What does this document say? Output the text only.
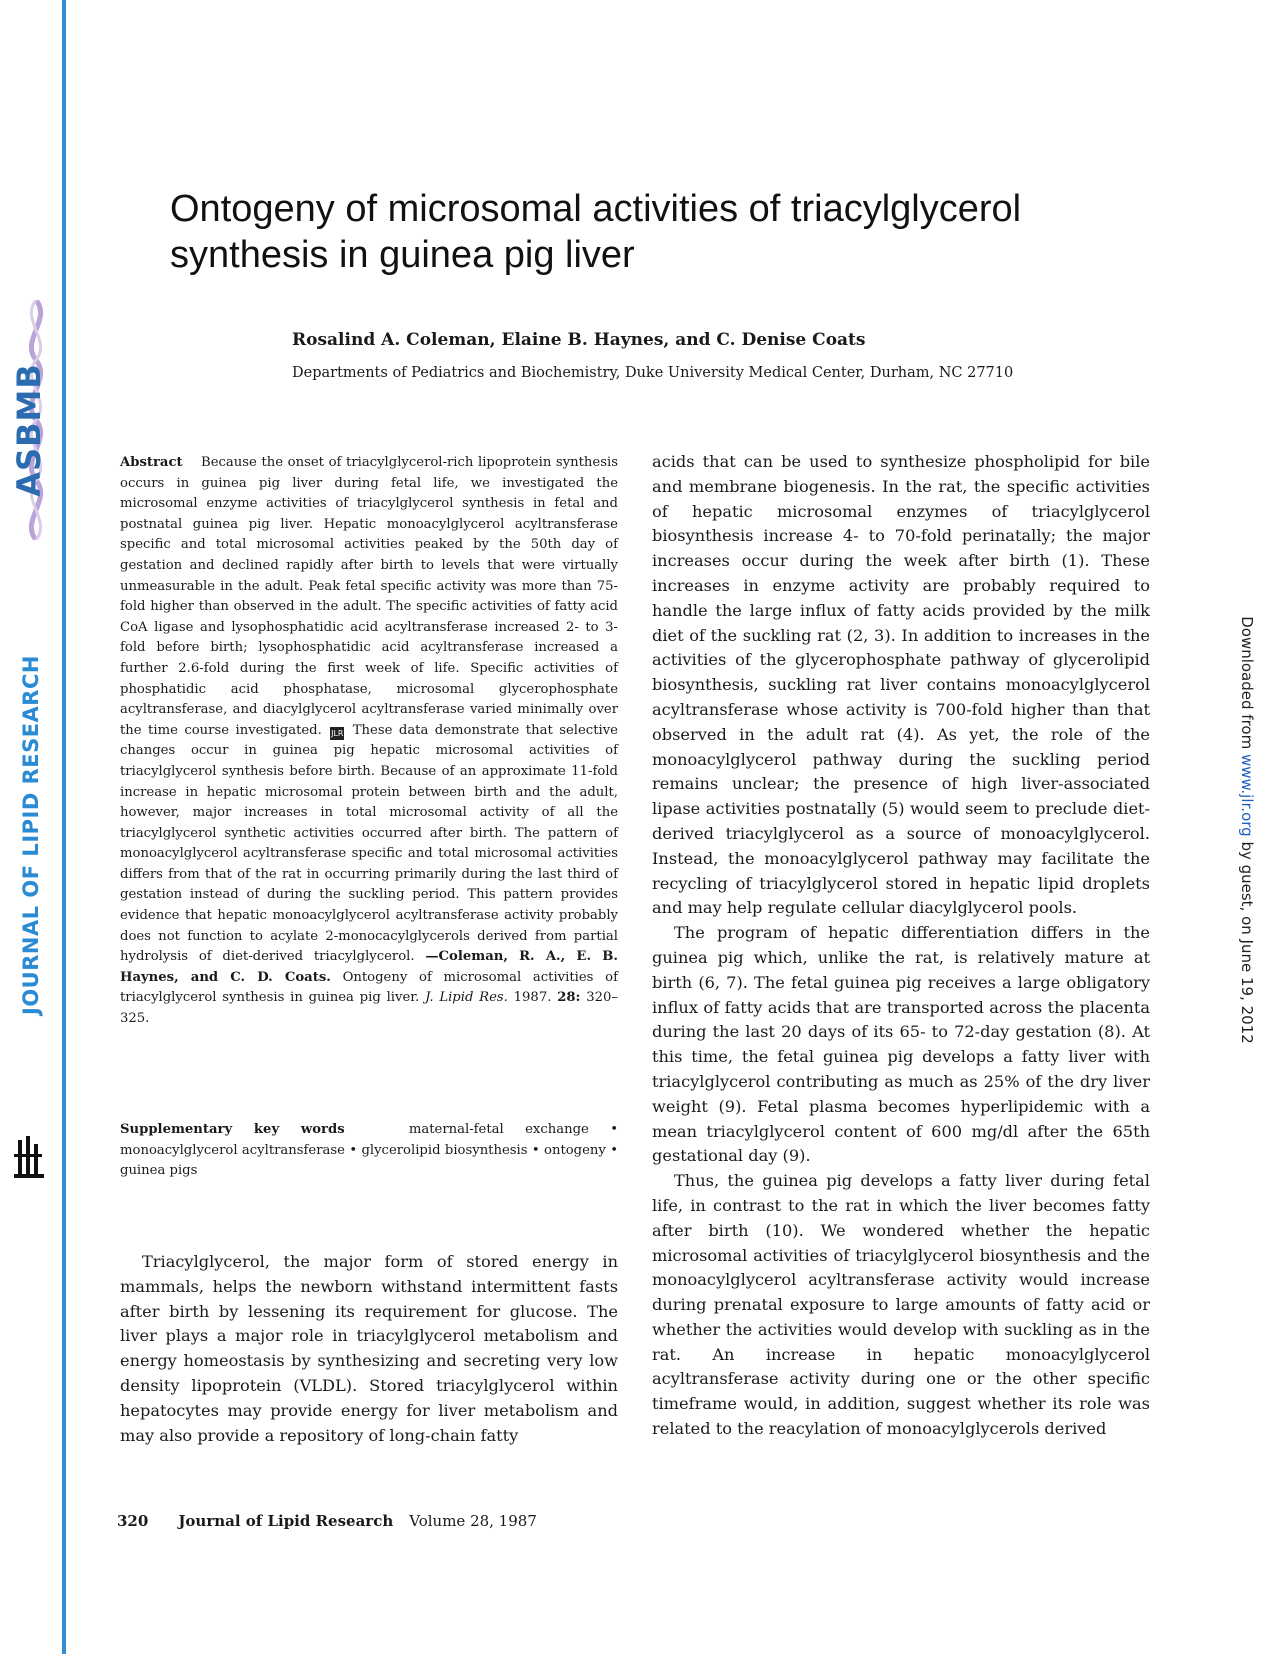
ASBMB
JOURNAL OF LIPID RESEARCH	Downloaded from www.jlr.org by guest, on June 19, 2012
Ontogeny of microsomal activities of triacylglycerol synthesis in guinea pig liver

Rosalind A. Coleman, Elaine B. Haynes, and C. Denise Coats

Departments of Pediatrics and Biochemistry, Duke University Medical Center, Durham, NC 27710

Abstract Because the onset of triacylglycerol-rich lipoprotein synthesis occurs in guinea pig liver during fetal life, we investigated the microsomal enzyme activities of triacylglycerol synthesis in fetal and postnatal guinea pig liver. Hepatic monoacylglycerol acyltransferase specific and total microsomal activities peaked by the 50th day of gestation and declined rapidly after birth to levels that were virtually unmeasurable in the adult. Peak fetal specific activity was more than 75-fold higher than observed in the adult. The specific activities of fatty acid CoA ligase and lysophosphatidic acid acyltransferase increased 2- to 3-fold before birth; lysophosphatidic acid acyltransferase increased a further 2.6-fold during the first week of life. Specific activities of phosphatidic acid phosphatase, microsomal glycerophosphate acyltransferase, and diacylglycerol acyltransferase varied minimally over the time course investigated. JLR These data demonstrate that selective changes occur in guinea pig hepatic microsomal activities of triacylglycerol synthesis before birth. Because of an approximate 11-fold increase in hepatic microsomal protein between birth and the adult, however, major increases in total microsomal activity of all the triacylglycerol synthetic activities occurred after birth. The pattern of monoacylglycerol acyltransferase specific and total microsomal activities differs from that of the rat in occurring primarily during the last third of gestation instead of during the suckling period. This pattern provides evidence that hepatic monoacylglycerol acyltransferase activity probably does not function to acylate 2-monocacylglycerols derived from partial hydrolysis of diet-derived triacylglycerol. —Coleman, R. A., E. B. Haynes, and C. D. Coats. Ontogeny of microsomal activities of triacylglycerol synthesis in guinea pig liver. J. Lipid Res. 1987. 28: 320–325.

Supplementary key words	maternal-fetal exchange • monoacylglycerol acyltransferase • glycerolipid biosynthesis • ontogeny • guinea pigs

Triacylglycerol, the major form of stored energy in mammals, helps the newborn withstand intermittent fasts after birth by lessening its requirement for glucose. The liver plays a major role in triacylglycerol metabolism and energy homeostasis by synthesizing and secreting very low density lipoprotein (VLDL). Stored triacylglycerol within hepatocytes may provide energy for liver metabolism and may also provide a repository of long-chain fatty

acids that can be used to synthesize phospholipid for bile and membrane biogenesis. In the rat, the specific activities of hepatic microsomal enzymes of triacylglycerol biosynthesis increase 4- to 70-fold perinatally; the major increases occur during the week after birth (1). These increases in enzyme activity are probably required to handle the large influx of fatty acids provided by the milk diet of the suckling rat (2, 3). In addition to increases in the activities of the glycerophosphate pathway of glycerolipid biosynthesis, suckling rat liver contains monoacylglycerol acyltransferase whose activity is 700-fold higher than that observed in the adult rat (4). As yet, the role of the monoacylglycerol pathway during the suckling period remains unclear; the presence of high liver-associated lipase activities postnatally (5) would seem to preclude diet-derived triacylglycerol as a source of monoacylglycerol. Instead, the monoacylglycerol pathway may facilitate the recycling of triacylglycerol stored in hepatic lipid droplets and may help regulate cellular diacylglycerol pools.

The program of hepatic differentiation differs in the guinea pig which, unlike the rat, is relatively mature at birth (6, 7). The fetal guinea pig receives a large obligatory influx of fatty acids that are transported across the placenta during the last 20 days of its 65- to 72-day gestation (8). At this time, the fetal guinea pig develops a fatty liver with triacylglycerol contributing as much as 25% of the dry liver weight (9). Fetal plasma becomes hyperlipidemic with a mean triacylglycerol content of 600 mg/dl after the 65th gestational day (9).

Thus, the guinea pig develops a fatty liver during fetal life, in contrast to the rat in which the liver becomes fatty after birth (10). We wondered whether the hepatic microsomal activities of triacylglycerol biosynthesis and the monoacylglycerol acyltransferase activity would increase during prenatal exposure to large amounts of fatty acid or whether the activities would develop with suckling as in the rat. An increase in hepatic monoacylglycerol acyltransferase activity during one or the other specific timeframe would, in addition, suggest whether its role was related to the reacylation of monoacylglycerols derived

320 Journal of Lipid Research Volume 28, 1987
